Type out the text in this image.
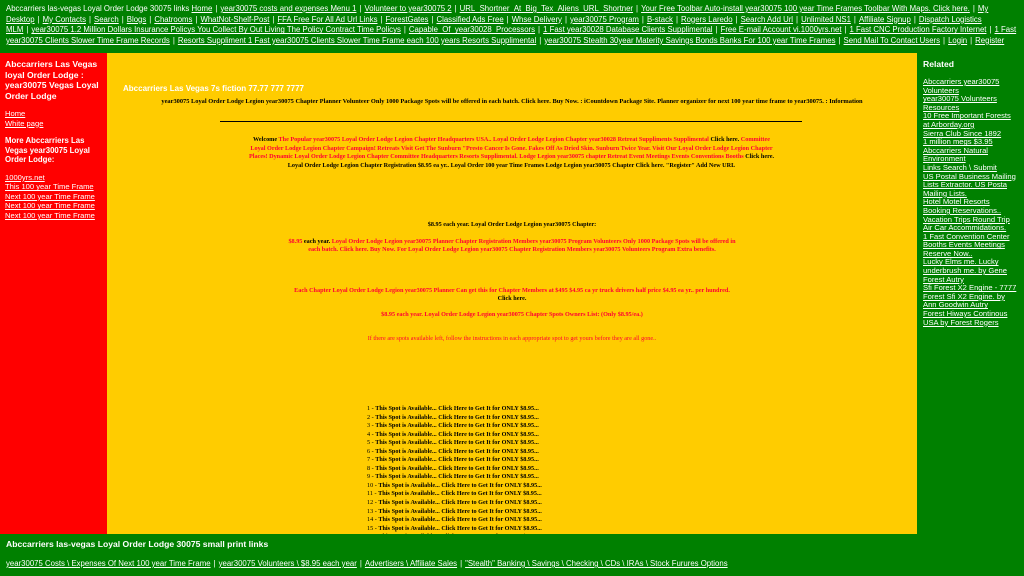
Abccarriers las-vegas Loyal Order Lodge 30075 links Home | year30075 costs and expenses Menu 1 | Volunteer to year30075 2 | URL_Shortner_At_Big_Tex_Aliens_URL_Shortner | Your Free Toolbar Auto-install year30075 100 year Time Frames Toolbar With Maps. Click here. | My Desktop | My Contacts | Search | Blogs | Chatrooms | WhatNot-Shelf-Post | FFA Free For All Ad Url Links | ForestGates | Classified Ads Free | Whse Delivery | year30075 Program | B-stack | Rogers Laredo | Search Add Url | Unlimited NS1 | Affiliate Signup | Dispatch Logistics MLM | year30075 1.2 Million Dollars Insurance Policys You Collect By Out Living The Policy Contract Time Policys | Capable_Of_year30028_Processors | 1 Fast year30028 Database Clients Supplimental | Free E-mail Account vi.1000yrs.net | 1 Fast CNC Production Factory Internet | 1 Fast year30075 Clients Slower Time Frame Records | Resorts Suppliment 1 Fast year30075 Clients Slower Time Frame each 100 years Resorts Supplimental | year30075 Stealth 30year Materity Savings Bonds Banks For 100 year Time Frames | Send Mail To Contact Users | Login | Register
Abccarriers Las Vegas loyal Order Lodge : year30075 Vegas Loyal Order Lodge
Home
White page
More Abccarriers Las Vegas year30075 Loyal Order Lodge:
1000yrs.net
This 100 year Time Frame
Next 100 year Time Frame
Next 100 year Time Frame
Next 100 year Time Frame
Abccarriers Las Vegas 7s fiction 77.77 777 7777
year30075 Loyal Order Lodge Legion year30075 Chapter Planner Volunteer Only 1000 Package Spots will be offered in each batch. Click here. Buy Now. : iCountdown Package Site. Planner organizer for next 100 year time frame to year30075. : Information
Welcome The Popular year30075 Loyal Order Lodge Legion Chapter Headquarters USA.. Loyal Order Lodge Legion Chapter year30028 Retreat Suppliments Supplimental Click here. Committee Loyal Order Lodge Legion Chapter Campaign! Retreats Visit Get The Sunburn "Presto Cancer Is Gone. Fakes Off As Dried Skin. Sunburn Twice Year. Visit Our Loyal Order Lodge Legion Chapter Places! Dynamic Loyal Order Lodge Legion Chapter Committee Headquarters Resorts Supplimental. Lodge Legion year30075 chapter Retreat Event Meetings Events Conventions Booths Click here. Loyal Order Lodge Legion Chapter Registration $8.95 ea yr.. Loyal Order 100 year Time Frames Lodge Legion year30075 Chapter Click here. "Register" Add New URL
$8.95 each year. Loyal Order Lodge Legion year30075 Chapter:
$8.95 each year. Loyal Order Lodge Legion year30075 Planner Chapter Registration Members year30075 Program Volunteers Only 1000 Package Spots will be offered in each batch. Click here. Buy Now. For Loyal Order Lodge Legion year30075 Chapter Registration Members year30075 Volunteers Program Extra benefits.
Each Chapter Loyal Order Lodge Legion year30075 Planner Can get this for Chapter Members at $495 $4.95 ca yr truck drivers half price $4.95 ea yr.. per hundred. Click here.
$8.95 each year. Loyal Order Lodge Legion year30075 Chapter Spots Owners List: (Only $8.95/ea.)
If there are spots available left, follow the instructions in each appropriate spot to get yours before they are all gone..
1 - This Spot is Available... Click Here to Get It for ONLY $8.95...
2 - This Spot is Available... Click Here to Get It for ONLY $8.95...
3 - This Spot is Available... Click Here to Get It for ONLY $8.95...
4 - This Spot is Available... Click Here to Get It for ONLY $8.95...
5 - This Spot is Available... Click Here to Get It for ONLY $8.95...
6 - This Spot is Available... Click Here to Get It for ONLY $8.95...
7 - This Spot is Available... Click Here to Get It for ONLY $8.95...
8 - This Spot is Available... Click Here to Get It for ONLY $8.95...
9 - This Spot is Available... Click Here to Get It for ONLY $8.95...
10 - This Spot is Available... Click Here to Get It for ONLY $8.95...
11 - This Spot is Available... Click Here to Get It for ONLY $8.95...
12 - This Spot is Available... Click Here to Get It for ONLY $8.95...
13 - This Spot is Available... Click Here to Get It for ONLY $8.95...
14 - This Spot is Available... Click Here to Get It for ONLY $8.95...
15 - This Spot is Available... Click Here to Get It for ONLY $8.95...
Related
Abccarriers year30075 Volunteers
year30075 Volunteers Resources
10 Free Important Forests at Arborday.org
Sierra Club Since 1892
1 million megs $3.95
Abccarriers Natural Environment
Links Search \ Submit
US Postal Business Mailing Lists Extractor. US Posta Mailing Lists.
Hotel Motel Resorts Booking Reservations..
Vacation Trips Round Trip Air Car Accommidations.
1 Fast Convention Center Booths Events Meetings Reserve Now..
Lucky Elms me. Lucky underbrush me. by Gene Forest Autry
Sfi Forest X2 Engine - 7777 Forest Sfi X2 Engine. by Ann Goodwin Autry
Forest Hiways Continous USA by Forest Rogers
Abccarriers las-vegas Loyal Order Lodge 30075 small print links
year30075 Costs \ Expenses Of Next 100 year Time Frame | year30075 Volunteers \ $8.95 each year | Advertisers \ Affiliate Sales | "Stealth" Banking \ Savings \ Checking \ CDs \ IRAs \ Stock Furures Options
